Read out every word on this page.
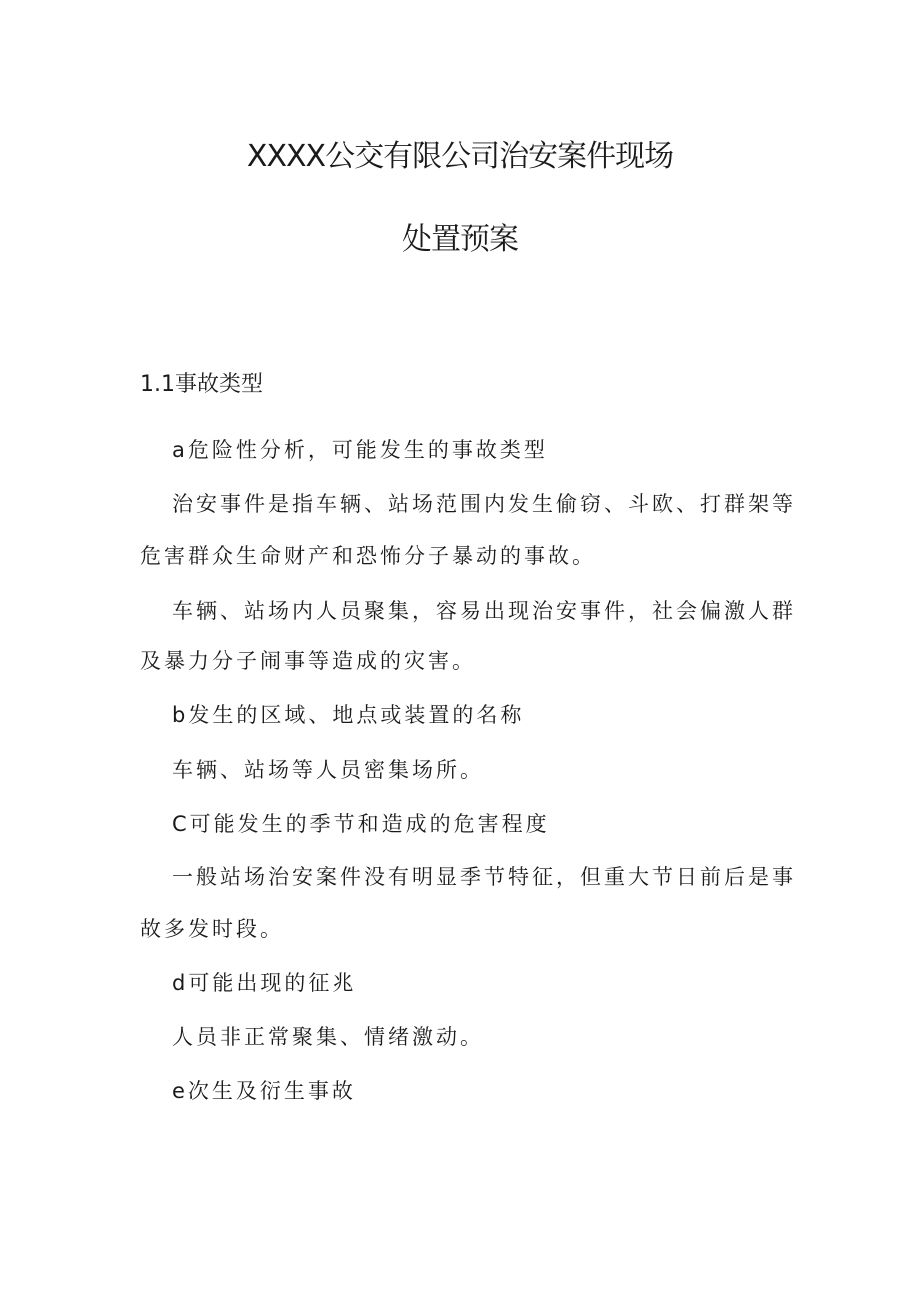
XXXX公交有限公司治安案件现场
处置预案
1.1事故类型

a危险性分析，可能发生的事故类型

治安事件是指车辆、站场范围内发生偷窃、斗欧、打群架等

危害群众生命财产和恐怖分子暴动的事故。

车辆、站场内人员聚集，容易出现治安事件，社会偏激人群

及暴力分子闹事等造成的灾害。

b发生的区域、地点或装置的名称

车辆、站场等人员密集场所。

C可能发生的季节和造成的危害程度

一般站场治安案件没有明显季节特征，但重大节日前后是事

故多发时段。

d可能出现的征兆

人员非正常聚集、情绪激动。

e次生及衍生事故
